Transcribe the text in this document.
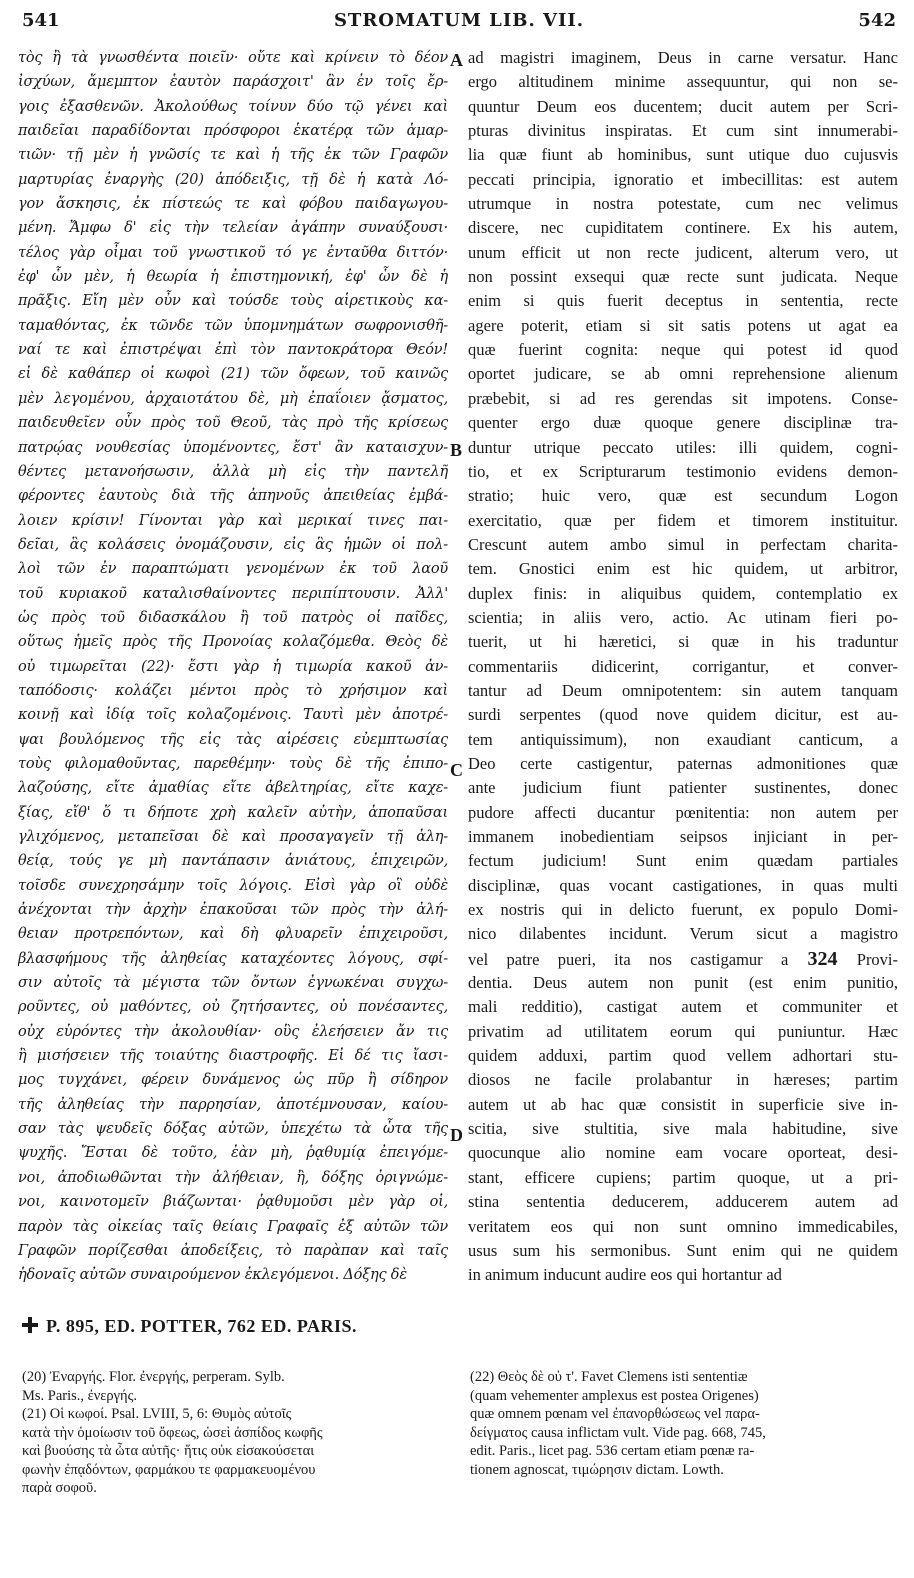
541	STROMATUM LIB. VII.	542
τὸς ἢ τὰ γνωσθέντα ποιεῖν· οὔτε καὶ κρίνειν τὸ δέον
ἰσχύων, ἄμεμπτον ἑαυτὸν παράσχοιτ' ἂν ἐν τοῖς ἔρ-
γοις ἐξασθενῶν. Ἀκολούθως τοίνυν δύο τῷ γένει καὶ
παιδεῖαι παραδίδονται πρόσφοροι ἑκατέρᾳ τῶν ἁμαρ-
τιῶν· τῇ μὲν ἡ γνῶσίς τε καὶ ἡ τῆς ἐκ τῶν Γραφῶν
μαρτυρίας ἐναργὴς (20) ἀπόδειξις, τῇ δὲ ἡ κατὰ Λό-
γον ἄσκησις, ἐκ πίστεώς τε καὶ φόβου παιδαγωγου-
μένη. Ἄμφω δ' εἰς τὴν τελείαν ἀγάπην συναύξουσι·
τέλος γὰρ οἶμαι τοῦ γνωστικοῦ τό γε ἐνταῦθα διττόν·
ἐφ' ὧν μὲν, ἡ θεωρία ἡ ἐπιστημονική, ἐφ' ὧν δὲ ἡ
πρᾶξις. Εἴη μὲν οὖν καὶ τούσδε τοὺς αἱρετικοὺς κα-
ταμαθόντας, ἐκ τῶνδε τῶν ὑπομνημάτων σωφρονισθῆ-
ναί τε καὶ ἐπιστρέψαι ἐπὶ τὸν παντοκράτορα Θεόν!
εἰ δὲ καθάπερ οἱ κωφοὶ (21) τῶν ὄφεων, τοῦ καινῶς
μὲν λεγομένου, ἀρχαιοτάτου δὲ, μὴ ἐπαΐοιεν ᾄσματος,
παιδευθεῖεν οὖν πρὸς τοῦ Θεοῦ, τὰς πρὸ τῆς κρίσεως
πατρῴας νουθεσίας ὑπομένοντες, ἔστ' ἂν καταισχυν-
θέντες μετανοήσωσιν, ἀλλὰ μὴ εἰς τὴν παντελῆ
φέροντες ἑαυτοὺς διὰ τῆς ἀπηνοῦς ἀπειθείας ἐμβά-
λοιεν κρίσιν! Γίνονται γὰρ καὶ μερικαί τινες παι-
δεῖαι, ἃς κολάσεις ὀνομάζουσιν, εἰς ἃς ἡμῶν οἱ πολ-
λοὶ τῶν ἐν παραπτώματι γενομένων ἐκ τοῦ λαοῦ
τοῦ κυριακοῦ καταλισθαίνοντες περιπίπτουσιν. Ἀλλ'
ὡς πρὸς τοῦ διδασκάλου ἢ τοῦ πατρὸς οἱ παῖδες,
οὕτως ἡμεῖς πρὸς τῆς Προνοίας κολαζόμεθα. Θεὸς δὲ
οὐ τιμωρεῖται (22)· ἔστι γὰρ ἡ τιμωρία κακοῦ ἀν-
ταπόδοσις· κολάζει μέντοι πρὸς τὸ χρήσιμον καὶ
κοινῇ καὶ ἰδίᾳ τοῖς κολαζομένοις. Ταυτὶ μὲν ἀποτρέ-
ψαι βουλόμενος τῆς εἰς τὰς αἱρέσεις εὐεμπτωσίας
τοὺς φιλομαθοῦντας, παρεθέμην· τοὺς δὲ τῆς ἐπιπο-
λαζούσης, εἴτε ἀμαθίας εἴτε ἀβελτηρίας, εἴτε καχε-
ξίας, εἴθ' ὅ τι δήποτε χρὴ καλεῖν αὐτὴν, ἀποπαῦσαι
γλιχόμενος, μεταπεῖσαι δὲ καὶ προσαγαγεῖν τῇ ἀλη-
θείᾳ, τούς γε μὴ παντάπασιν ἀνιάτους, ἐπιχειρῶν,
τοῖσδε συνεχρησάμην τοῖς λόγοις. Εἰσὶ γὰρ οἳ οὐδὲ
ἀνέχονται τὴν ἀρχὴν ἐπακοῦσαι τῶν πρὸς τὴν ἀλή-
θειαν προτρεπόντων, καὶ δὴ φλυαρεῖν ἐπιχειροῦσι,
βλασφήμους τῆς ἀληθείας καταχέοντες λόγους, σφί-
σιν αὐτοῖς τὰ μέγιστα τῶν ὄντων ἐγνωκέναι συγχω-
ροῦντες, οὐ μαθόντες, οὐ ζητήσαντες, οὐ πονέσαντες,
οὐχ εὑρόντες τὴν ἀκολουθίαν· οὓς ἐλεήσειεν ἄν τις
ἢ μισήσειεν τῆς τοιαύτης διαστροφῆς. Εἰ δέ τις ἴασι-
μος τυγχάνει, φέρειν δυνάμενος ὡς πῦρ ἢ σίδηρον
τῆς ἀληθείας τὴν παρρησίαν, ἀποτέμνουσαν, καίου-
σαν τὰς ψευδεῖς δόξας αὐτῶν, ὑπεχέτω τὰ ὦτα τῆς
ψυχῆς. Ἔσται δὲ τοῦτο, ἐὰν μὴ, ῥᾳθυμίᾳ ἐπειγόμε-
νοι, ἀποδιωθῶνται τὴν ἀλήθειαν, ἢ, δόξης ὀριγνώμε-
νοι, καινοτομεῖν βιάζωνται· ῥᾳθυμοῦσι μὲν γὰρ οἱ,
παρὸν τὰς οἰκείας ταῖς θείαις Γραφαῖς ἐξ αὐτῶν τῶν
Γραφῶν πορίζεσθαι ἀποδείξεις, τὸ παρὰπαν καὶ ταῖς
ἡδοναῖς αὐτῶν συναιρούμενον ἐκλεγόμενοι. Δόξης δὲ
ad magistri imaginem, Deus in carne versatur. Hanc
ergo altitudinem minime assequuntur, qui non se-
quuntur Deum eos ducentem; ducit autem per Scri-
pturas divinitus inspiratas. Et cum sint innumerabi-
lia quæ fiunt ab hominibus, sunt utique duo cujusvis
peccati principia, ignoratio et imbecillitas: est autem
utrumque in nostra potestate, cum nec velimus
discere, nec cupiditatem continere. Ex his autem,
unum efficit ut non recte judicent, alterum vero, ut
non possint exsequi quæ recte sunt judicata. Neque
enim si quis fuerit deceptus in sententia, recte
agere poterit, etiam si sit satis potens ut agat ea
quæ fuerint cognita: neque qui potest id quod
oportet judicare, se ab omni reprehensione alienum
præbebit, si ad res gerendas sit impotens. Conse-
quenter ergo duæ quoque genere disciplinæ tra-
duntur utrique peccato utiles: illi quidem, cogni-
tio, et ex Scripturarum testimonio evidens demon-
stratio; huic vero, quæ est secundum Logon
exercitatio, quæ per fidem et timorem instituitur.
Crescunt autem ambo simul in perfectam charita-
tem. Gnostici enim est hic quidem, ut arbitror,
duplex finis: in aliquibus quidem, contemplatio ex
scientia; in aliis vero, actio. Ac utinam fieri po-
tuerit, ut hi hæretici, si quæ in his traduntur
commentariis didicerint, corrigantur, et conver-
tantur ad Deum omnipotentem: sin autem tanquam
surdi serpentes (quod nove quidem dicitur, est au-
tem antiquissimum), non exaudiant canticum, a
Deo certe castigentur, paternas admonitiones quæ
ante judicium fiunt patienter sustinentes, donec
pudore affecti ducantur pœnitentia: non autem per
immanem inobedientiam seipsos injiciant in per-
fectum judicium! Sunt enim quædam partiales
disciplinæ, quas vocant castigationes, in quas multi
ex nostris qui in delicto fuerunt, ex populo Domi-
nico dilabentes incidunt. Verum sicut a magistro
vel patre pueri, ita nos castigamur a 324 Provi-
dentia. Deus autem non punit (est enim punitio,
mali redditio), castigat autem et communiter et
privatim ad utilitatem eorum qui puniuntur. Hæc
quidem adduxi, partim quod vellem adhortari stu-
diosos ne facile prolabantur in hæreses; partim
autem ut ab hac quæ consistit in superficie sive in-
scitia, sive stultitia, sive mala habitudine, sive
quocunque alio nomine eam vocare oporteat, desi-
stant, efficere cupiens; partim quoque, ut a pri-
stina sententia deducerem, adducerem autem ad
veritatem eos qui non sunt omnino immedicabiles,
usus sum his sermonibus. Sunt enim qui ne quidem
in animum inducunt audire eos qui hortantur ad
A
B
C
D
P. 895, ED. POTTER, 762 ED. PARIS.
(20) Ἐναργής. Flor. ἐνεργής, perperam. Sylb.
Ms. Paris., ἐνεργής.
(21) Οἱ κωφοί. Psal. LVIII, 5, 6: Θυμὸς αὐτοῖς
κατὰ τὴν ὁμοίωσιν τοῦ ὄφεως, ὡσεὶ ἀσπίδος κωφῆς
καὶ βυούσης τὰ ὦτα αὐτῆς· ἥτις οὐκ εἰσακούσεται
φωνὴν ἐπᾳδόντων, φαρμάκου τε φαρμακευομένου
παρὰ σοφοῦ.
(22) Θεὸς δὲ οὐ τ'. Favet Clemens isti sententiæ
(quam vehementer amplexus est postea Origenes)
quæ omnem pœnam vel ἐπανορθώσεως vel παρα-
δείγματος causa inflictam vult. Vide pag. 668, 745,
edit. Paris., licet pag. 536 certam etiam pœnæ ra-
tionem agnoscat, τιμώρησιν dictam. Lowth.
